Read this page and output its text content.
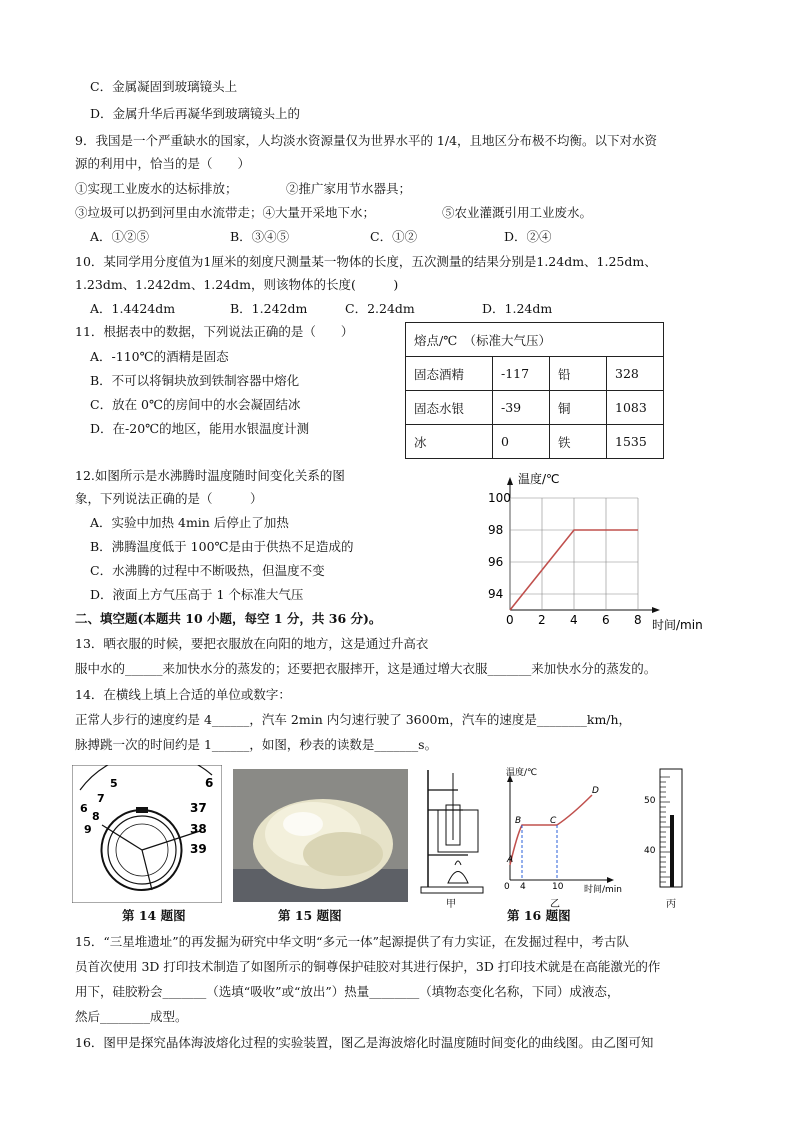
C．金属凝固到玻璃镜头上
D．金属升华后再凝华到玻璃镜头上的
9．我国是一个严重缺水的国家，人均淡水资源量仅为世界水平的 1/4，且地区分布极不均衡。以下对水资
源的利用中，恰当的是（　　）
①实现工业废水的达标排放；	②推广家用节水器具；
③垃圾可以扔到河里由水流带走；④大量开采地下水；	⑤农业灌溉引用工业废水。
A．①②⑤	B．③④⑤	C．①②	D．②④
10．某同学用分度值为1厘米的刻度尺测量某一物体的长度，五次测量的结果分别是1.24dm、1.25dm、
1.23dm、1.242dm、1.24dm，则该物体的长度(　　　)
A．1.4424dm	B．1.242dm	C．2.24dm	D．1.24dm
11．根据表中的数据，下列说法正确的是（　　）
A．-110℃的酒精是固态
B．不可以将铜块放到铁制容器中熔化
C．放在 0℃的房间中的水会凝固结冰
D．在-20℃的地区，能用水银温度计测
熔点/℃　（标准大气压）			
固态酒精	-117	铅	328
固态水银	-39	铜	1083
冰	0	铁	1535
12.如图所示是水沸腾时温度随时间变化关系的图
象，下列说法正确的是（　　　）
A．实验中加热 4min 后停止了加热
B．沸腾温度低于 100℃是由于供热不足造成的
C．水沸腾的过程中不断吸热，但温度不变
D．液面上方气压高于 1 个标准大气压
温度/℃
时间/min
0 2 4 6 8
94
96
98
100
二、填空题(本题共 10 小题，每空 1 分，共 36 分)。
13．晒衣服的时候，要把衣服放在向阳的地方，这是通过升高衣
服中水的______来加快水分的蒸发的；还要把衣服摔开，这是通过增大衣服_______来加快水分的蒸发的。
14．在横线上填上合适的单位或数字：
正常人步行的速度约是 4______，汽车 2min 内匀速行驶了 3600m，汽车的速度是________km/h，
脉搏跳一次的时间约是 1______，如图，秒表的读数是_______s。
5	6
7
6	37
8
9	38
39
甲
温度/℃
时间/min
0 4	10
A
B	C
D
乙
50
40
丙
第 14 题图	第 15 题图	第 16 题图
15．“三星堆遗址”的再发掘为研究中华文明“多元一体”起源提供了有力实证，在发掘过程中，考古队
员首次使用 3D 打印技术制造了如图所示的铜尊保护硅胶对其进行保护，3D 打印技术就是在高能激光的作
用下，硅胶粉会_______（选填“吸收”或“放出”）热量________（填物态变化名称，下同）成液态，
然后________成型。
16．图甲是探究晶体海波熔化过程的实验装置，图乙是海波熔化时温度随时间变化的曲线图。由乙图可知
